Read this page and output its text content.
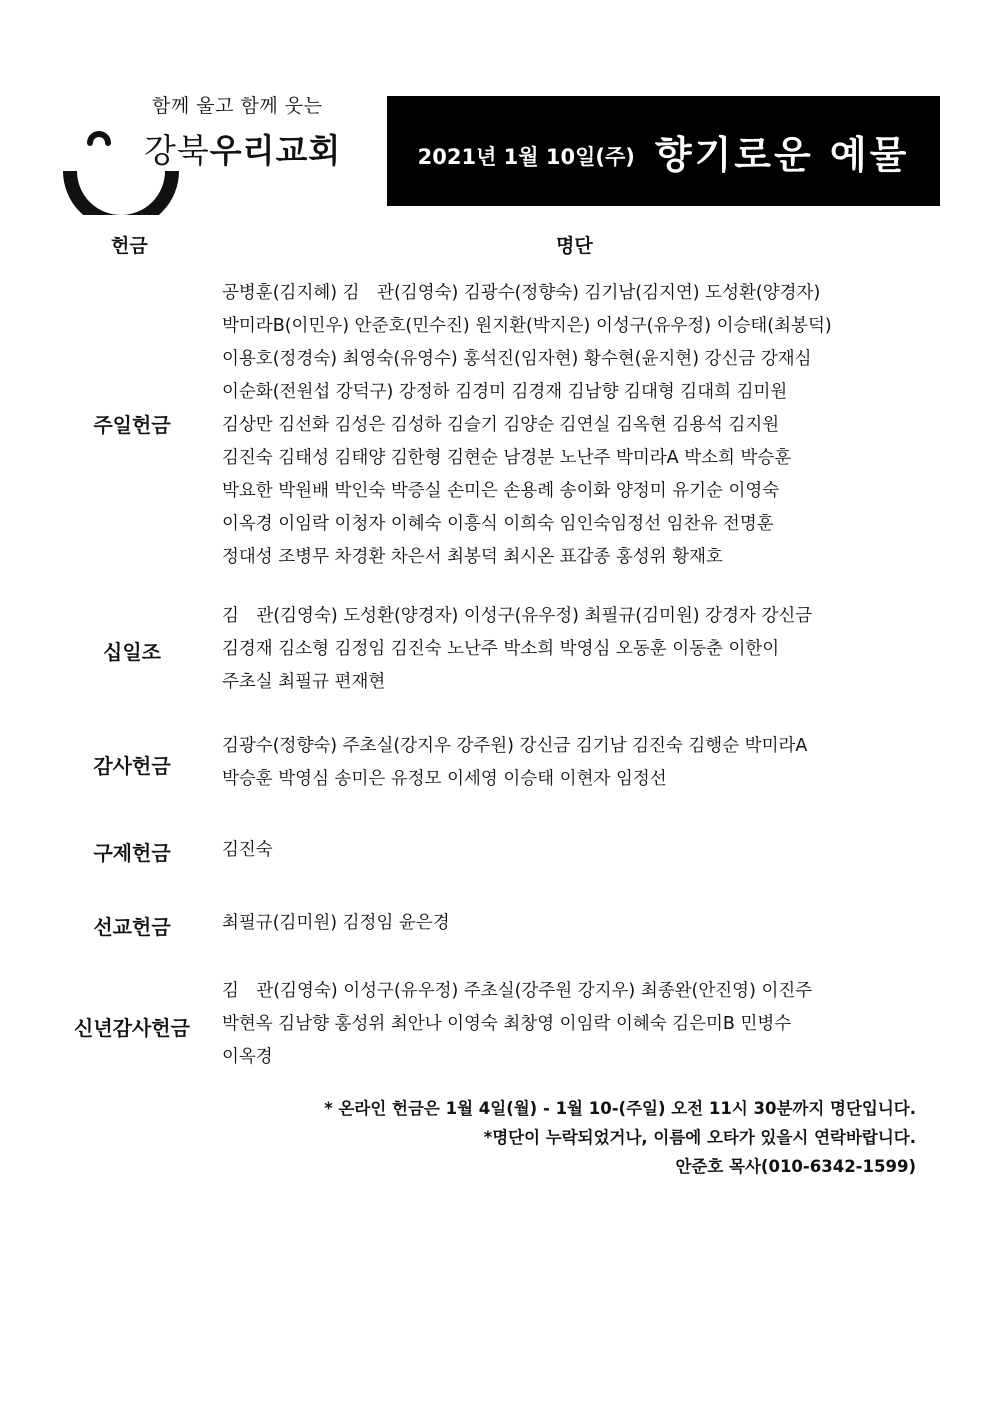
함께 울고 함께 웃는
강북우리교회	2021년 1월 10일(주) 향기로운 예물
헌금	명단
주일헌금
공병훈(김지혜) 김　관(김영숙) 김광수(정향숙) 김기남(김지연) 도성환(양경자)
박미라B(이민우) 안준호(민수진) 원지환(박지은) 이성구(유우정) 이승태(최봉덕)
이용호(정경숙) 최영숙(유영수) 홍석진(임자현) 황수현(윤지현) 강신금 강재심
이순화(전원섭 강덕구) 강정하 김경미 김경재 김남향 김대형 김대희 김미원
김상만 김선화 김성은 김성하 김슬기 김양순 김연실 김옥현 김용석 김지원
김진숙 김태성 김태양 김한형 김현순 남경분 노난주 박미라A 박소희 박승훈
박요한 박원배 박인숙 박증실 손미은 손용례 송이화 양정미 유기순 이영숙
이옥경 이임락 이청자 이혜숙 이흥식 이희숙 임인숙임정선 임찬유 전명훈
정대성 조병무 차경환 차은서 최봉덕 최시온 표갑종 홍성위 황재호
십일조
김　관(김영숙) 도성환(양경자) 이성구(유우정) 최필규(김미원) 강경자 강신금
김경재 김소형 김정임 김진숙 노난주 박소희 박영심 오동훈 이동춘 이한이
주초실 최필규 편재현
감사헌금
김광수(정향숙) 주초실(강지우 강주원) 강신금 김기남 김진숙 김행순 박미라A
박승훈 박영심 송미은 유정모 이세영 이승태 이현자 임정선
구제헌금	김진숙
선교헌금	최필규(김미원) 김정임 윤은경
신년감사헌금
김　관(김영숙) 이성구(유우정) 주초실(강주원 강지우) 최종완(안진영) 이진주
박현옥 김남향 홍성위 최안나 이영숙 최창영 이임락 이혜숙 김은미B 민병수
이옥경
* 온라인 헌금은 1월 4일(월) - 1월 10-(주일) 오전 11시 30분까지 명단입니다.
*명단이 누락되었거나, 이름에 오타가 있을시 연락바랍니다.
안준호 목사(010-6342-1599)
